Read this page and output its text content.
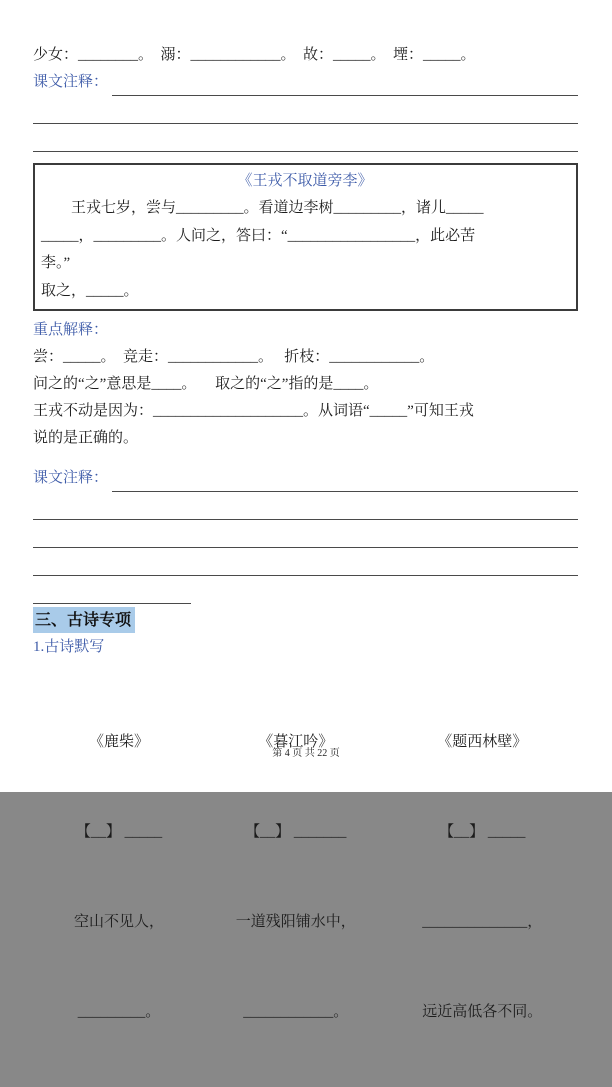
少女：________。  溺：____________。  故：_____。  堙：_____。
课文注释：
《王戎不取道旁李》
王戎七岁，尝与_________。看道边李树_________，诸儿_____
_____，_________。人问之，答曰：“_________________，此必苦
李。”
取之，_____。
重点解释：
尝：_____。  竞走：____________。   折枝：____________。
问之的“之”意思是____。     取之的“之”指的是____。
王戎不动是因为：____________________。从词语“_____”可知王戎
说的是正确的。
课文注释：
三、古诗专项
1.古诗默写

《鹿柴》

【__】 _____

空山不见人，

_________。

《暮江吟》

【__】 _______

一道残阳铺水中，

____________。

《题西林壁》

【__】 _____

______________，

远近高低各不同。

第 4 页 共 22 页
